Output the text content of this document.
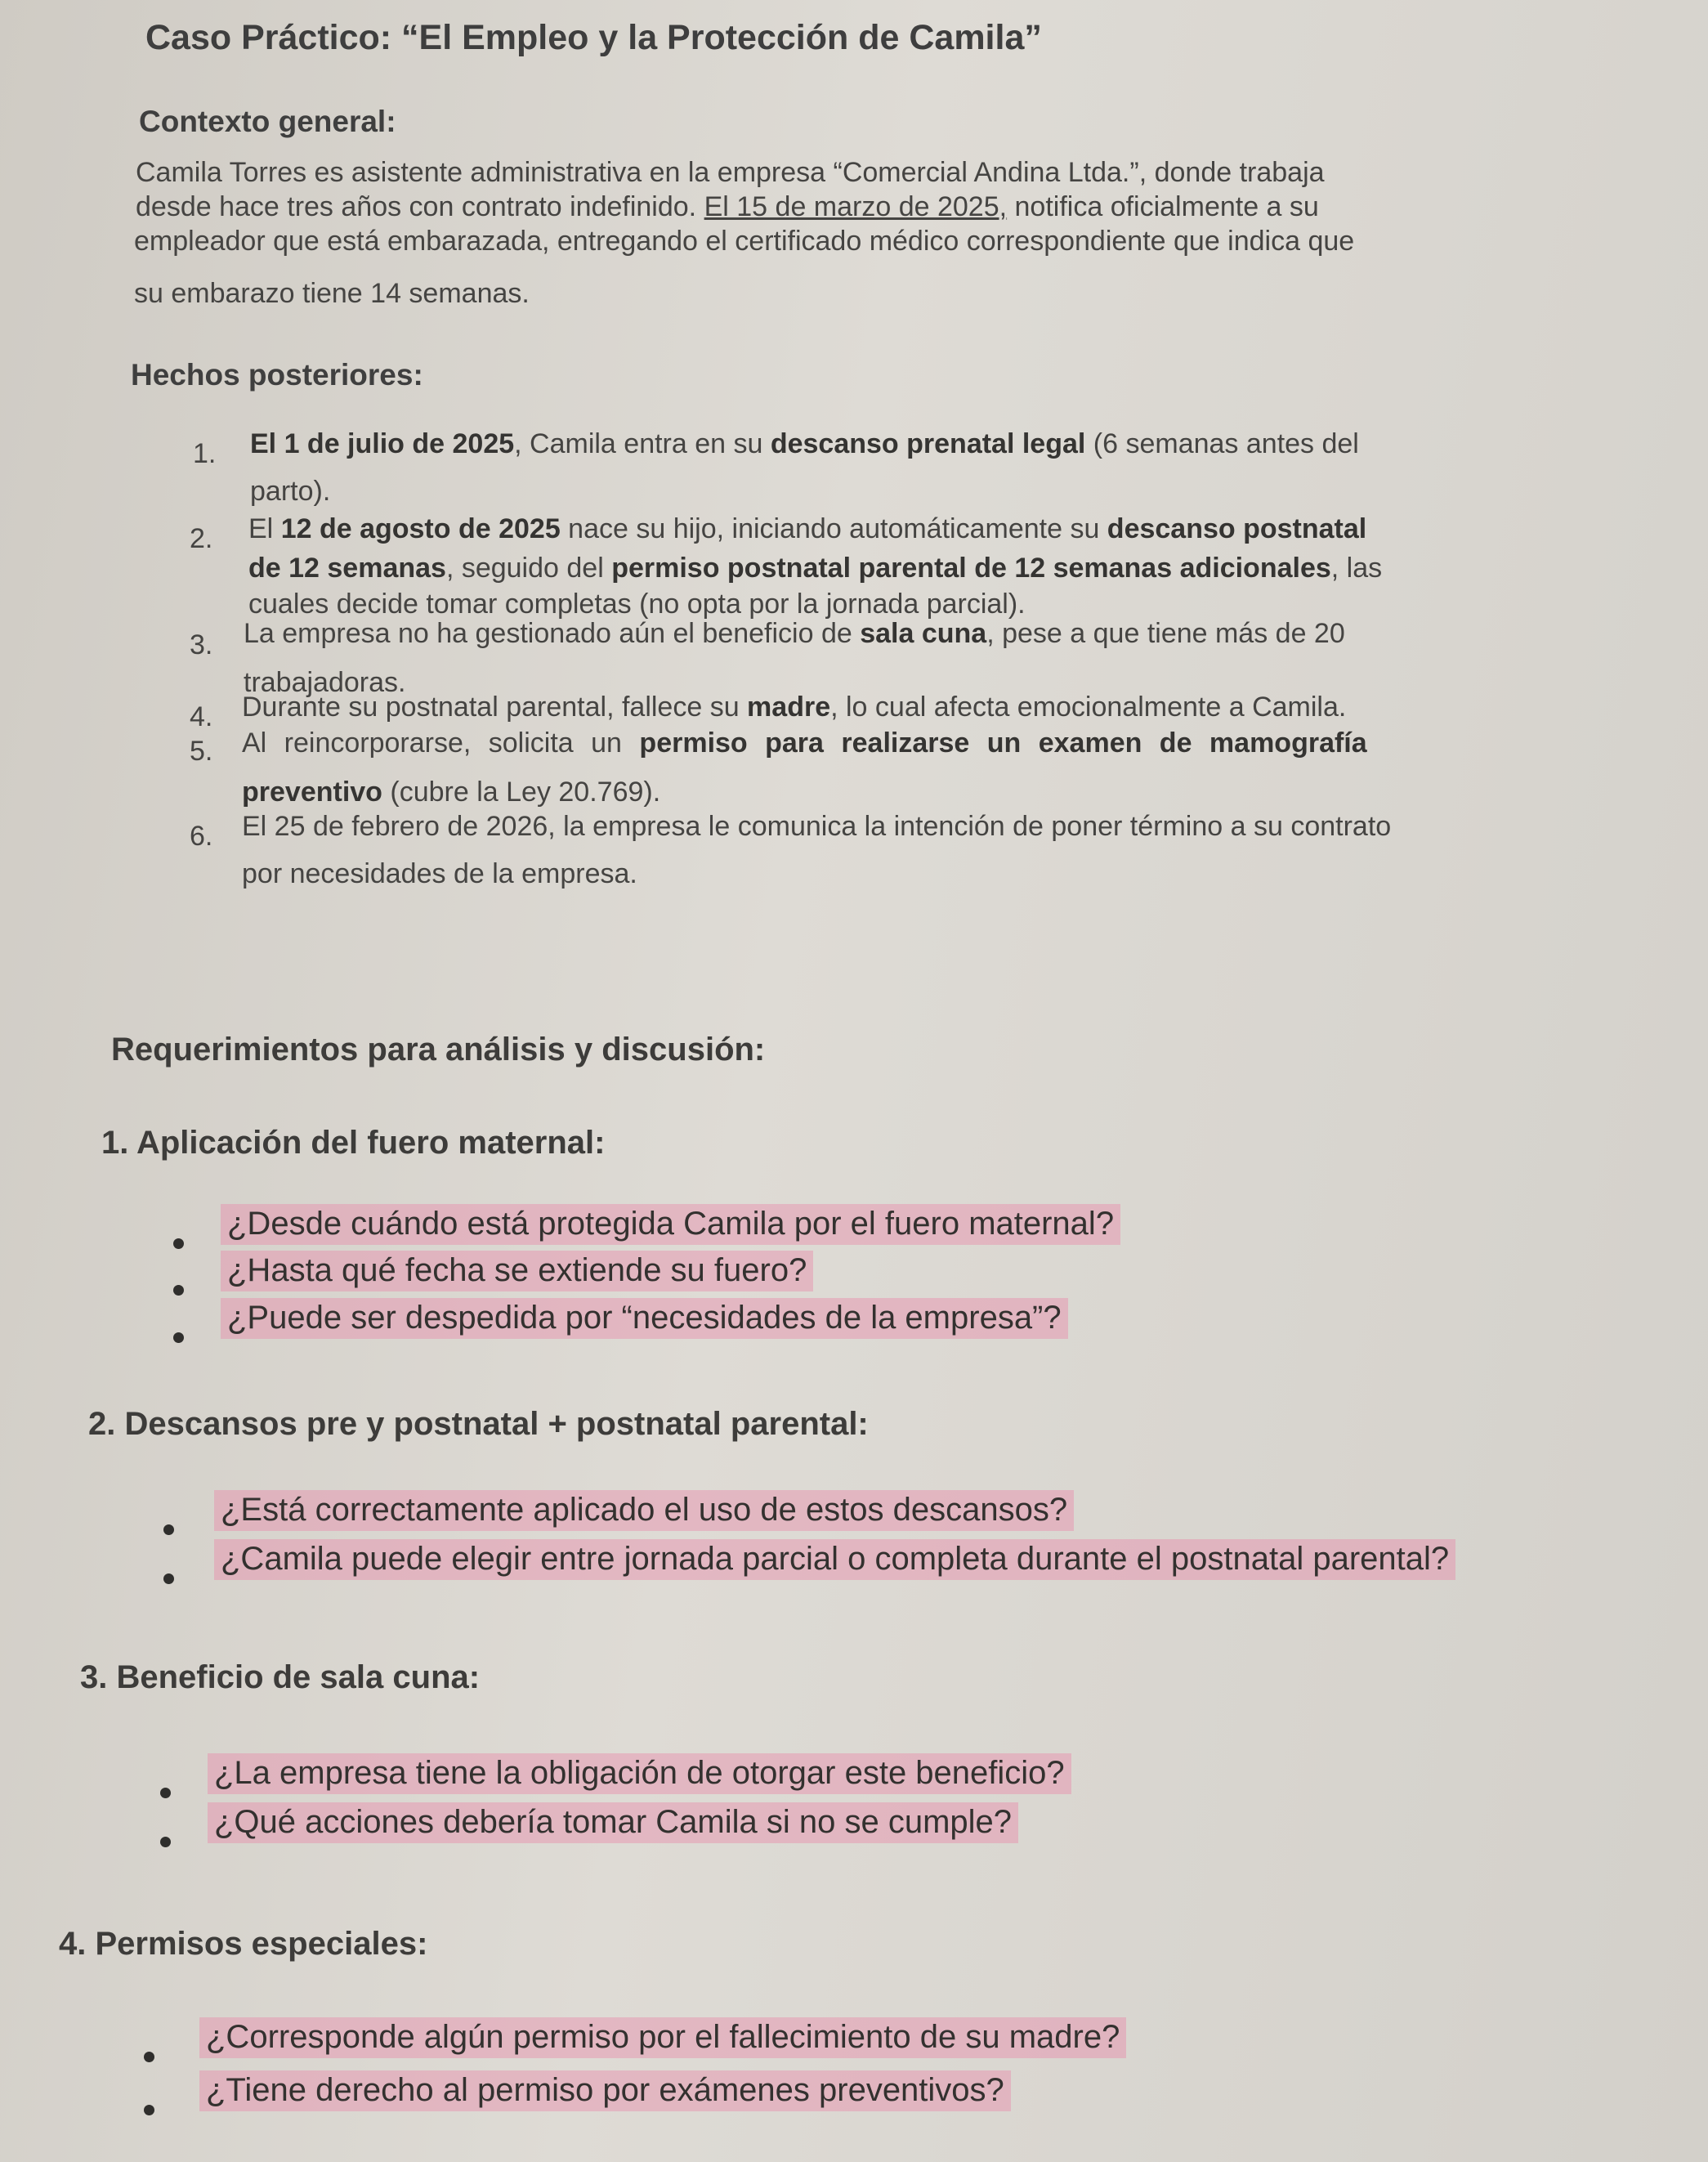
Caso Práctico: “El Empleo y la Protección de Camila”
Contexto general:
Camila Torres es asistente administrativa en la empresa “Comercial Andina Ltda.”, donde trabaja
desde hace tres años con contrato indefinido. El 15 de marzo de 2025, notifica oficialmente a su
empleador que está embarazada, entregando el certificado médico correspondiente que indica que
su embarazo tiene 14 semanas.
Hechos posteriores:
1. El 1 de julio de 2025, Camila entra en su descanso prenatal legal (6 semanas antes del
parto).
2. El 12 de agosto de 2025 nace su hijo, iniciando automáticamente su descanso postnatal
de 12 semanas, seguido del permiso postnatal parental de 12 semanas adicionales, las
cuales decide tomar completas (no opta por la jornada parcial).
3. La empresa no ha gestionado aún el beneficio de sala cuna, pese a que tiene más de 20
trabajadoras.
4. Durante su postnatal parental, fallece su madre, lo cual afecta emocionalmente a Camila.
5. Al reincorporarse, solicita un permiso para realizarse un examen de mamografía
preventivo (cubre la Ley 20.769).
6. El 25 de febrero de 2026, la empresa le comunica la intención de poner término a su contrato
por necesidades de la empresa.
Requerimientos para análisis y discusión:
1. Aplicación del fuero maternal:
¿Desde cuándo está protegida Camila por el fuero maternal?
¿Hasta qué fecha se extiende su fuero?
¿Puede ser despedida por “necesidades de la empresa”?
2. Descansos pre y postnatal + postnatal parental:
¿Está correctamente aplicado el uso de estos descansos?
¿Camila puede elegir entre jornada parcial o completa durante el postnatal parental?
3. Beneficio de sala cuna:
¿La empresa tiene la obligación de otorgar este beneficio?
¿Qué acciones debería tomar Camila si no se cumple?
4. Permisos especiales:
¿Corresponde algún permiso por el fallecimiento de su madre?
¿Tiene derecho al permiso por exámenes preventivos?
